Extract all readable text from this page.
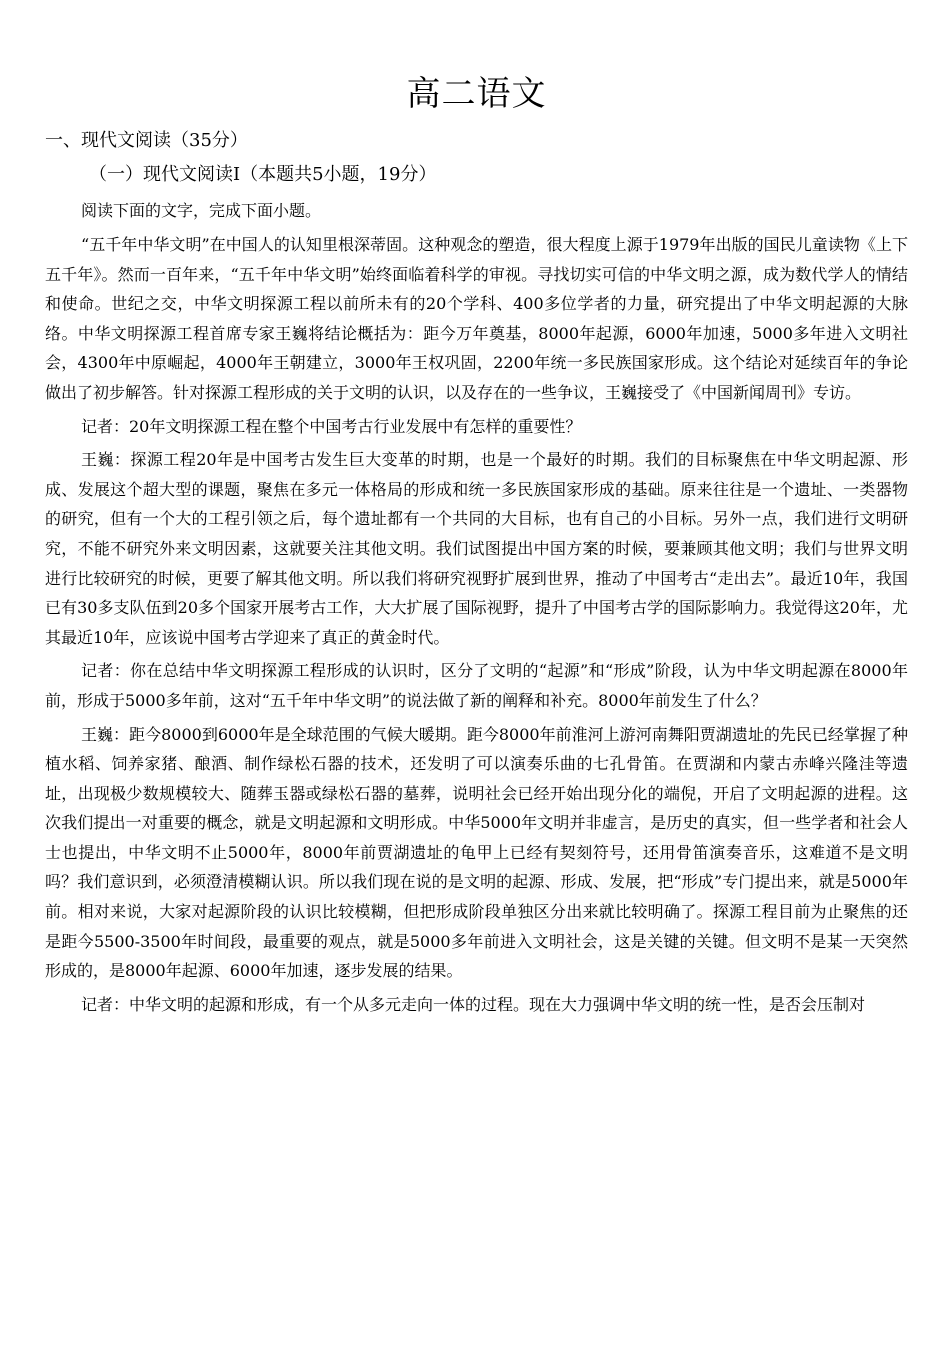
高二语文

一、现代文阅读（35分）

（一）现代文阅读I（本题共5小题，19分）

阅读下面的文字，完成下面小题。

“五千年中华文明”在中国人的认知里根深蒂固。这种观念的塑造，很大程度上源于1979年出版的国民儿童读物《上下五千年》。然而一百年来，“五千年中华文明”始终面临着科学的审视。寻找切实可信的中华文明之源，成为数代学人的情结和使命。世纪之交，中华文明探源工程以前所未有的20个学科、400多位学者的力量，研究提出了中华文明起源的大脉络。中华文明探源工程首席专家王巍将结论概括为：距今万年奠基，8000年起源，6000年加速，5000多年进入文明社会，4300年中原崛起，4000年王朝建立，3000年王权巩固，2200年统一多民族国家形成。这个结论对延续百年的争论做出了初步解答。针对探源工程形成的关于文明的认识，以及存在的一些争议，王巍接受了《中国新闻周刊》专访。

记者：20年文明探源工程在整个中国考古行业发展中有怎样的重要性？

王巍：探源工程20年是中国考古发生巨大变革的时期，也是一个最好的时期。我们的目标聚焦在中华文明起源、形成、发展这个超大型的课题，聚焦在多元一体格局的形成和统一多民族国家形成的基础。原来往往是一个遗址、一类器物的研究，但有一个大的工程引领之后，每个遗址都有一个共同的大目标，也有自己的小目标。另外一点，我们进行文明研究，不能不研究外来文明因素，这就要关注其他文明。我们试图提出中国方案的时候，要兼顾其他文明；我们与世界文明进行比较研究的时候，更要了解其他文明。所以我们将研究视野扩展到世界，推动了中国考古“走出去”。最近10年，我国已有30多支队伍到20多个国家开展考古工作，大大扩展了国际视野，提升了中国考古学的国际影响力。我觉得这20年，尤其最近10年，应该说中国考古学迎来了真正的黄金时代。

记者：你在总结中华文明探源工程形成的认识时，区分了文明的“起源”和“形成”阶段，认为中华文明起源在8000年前，形成于5000多年前，这对“五千年中华文明”的说法做了新的阐释和补充。8000年前发生了什么？

王巍：距今8000到6000年是全球范围的气候大暖期。距今8000年前淮河上游河南舞阳贾湖遗址的先民已经掌握了种植水稻、饲养家猪、酿酒、制作绿松石器的技术，还发明了可以演奏乐曲的七孔骨笛。在贾湖和内蒙古赤峰兴隆洼等遗址，出现极少数规模较大、随葬玉器或绿松石器的墓葬，说明社会已经开始出现分化的端倪，开启了文明起源的进程。这次我们提出一对重要的概念，就是文明起源和文明形成。中华5000年文明并非虚言，是历史的真实，但一些学者和社会人士也提出，中华文明不止5000年，8000年前贾湖遗址的龟甲上已经有契刻符号，还用骨笛演奏音乐，这难道不是文明吗？我们意识到，必须澄清模糊认识。所以我们现在说的是文明的起源、形成、发展，把“形成”专门提出来，就是5000年前。相对来说，大家对起源阶段的认识比较模糊，但把形成阶段单独区分出来就比较明确了。探源工程目前为止聚焦的还是距今5500-3500年时间段，最重要的观点，就是5000多年前进入文明社会，这是关键的关键。但文明不是某一天突然形成的，是8000年起源、6000年加速，逐步发展的结果。

记者：中华文明的起源和形成，有一个从多元走向一体的过程。现在大力强调中华文明的统一性，是否会压制对
